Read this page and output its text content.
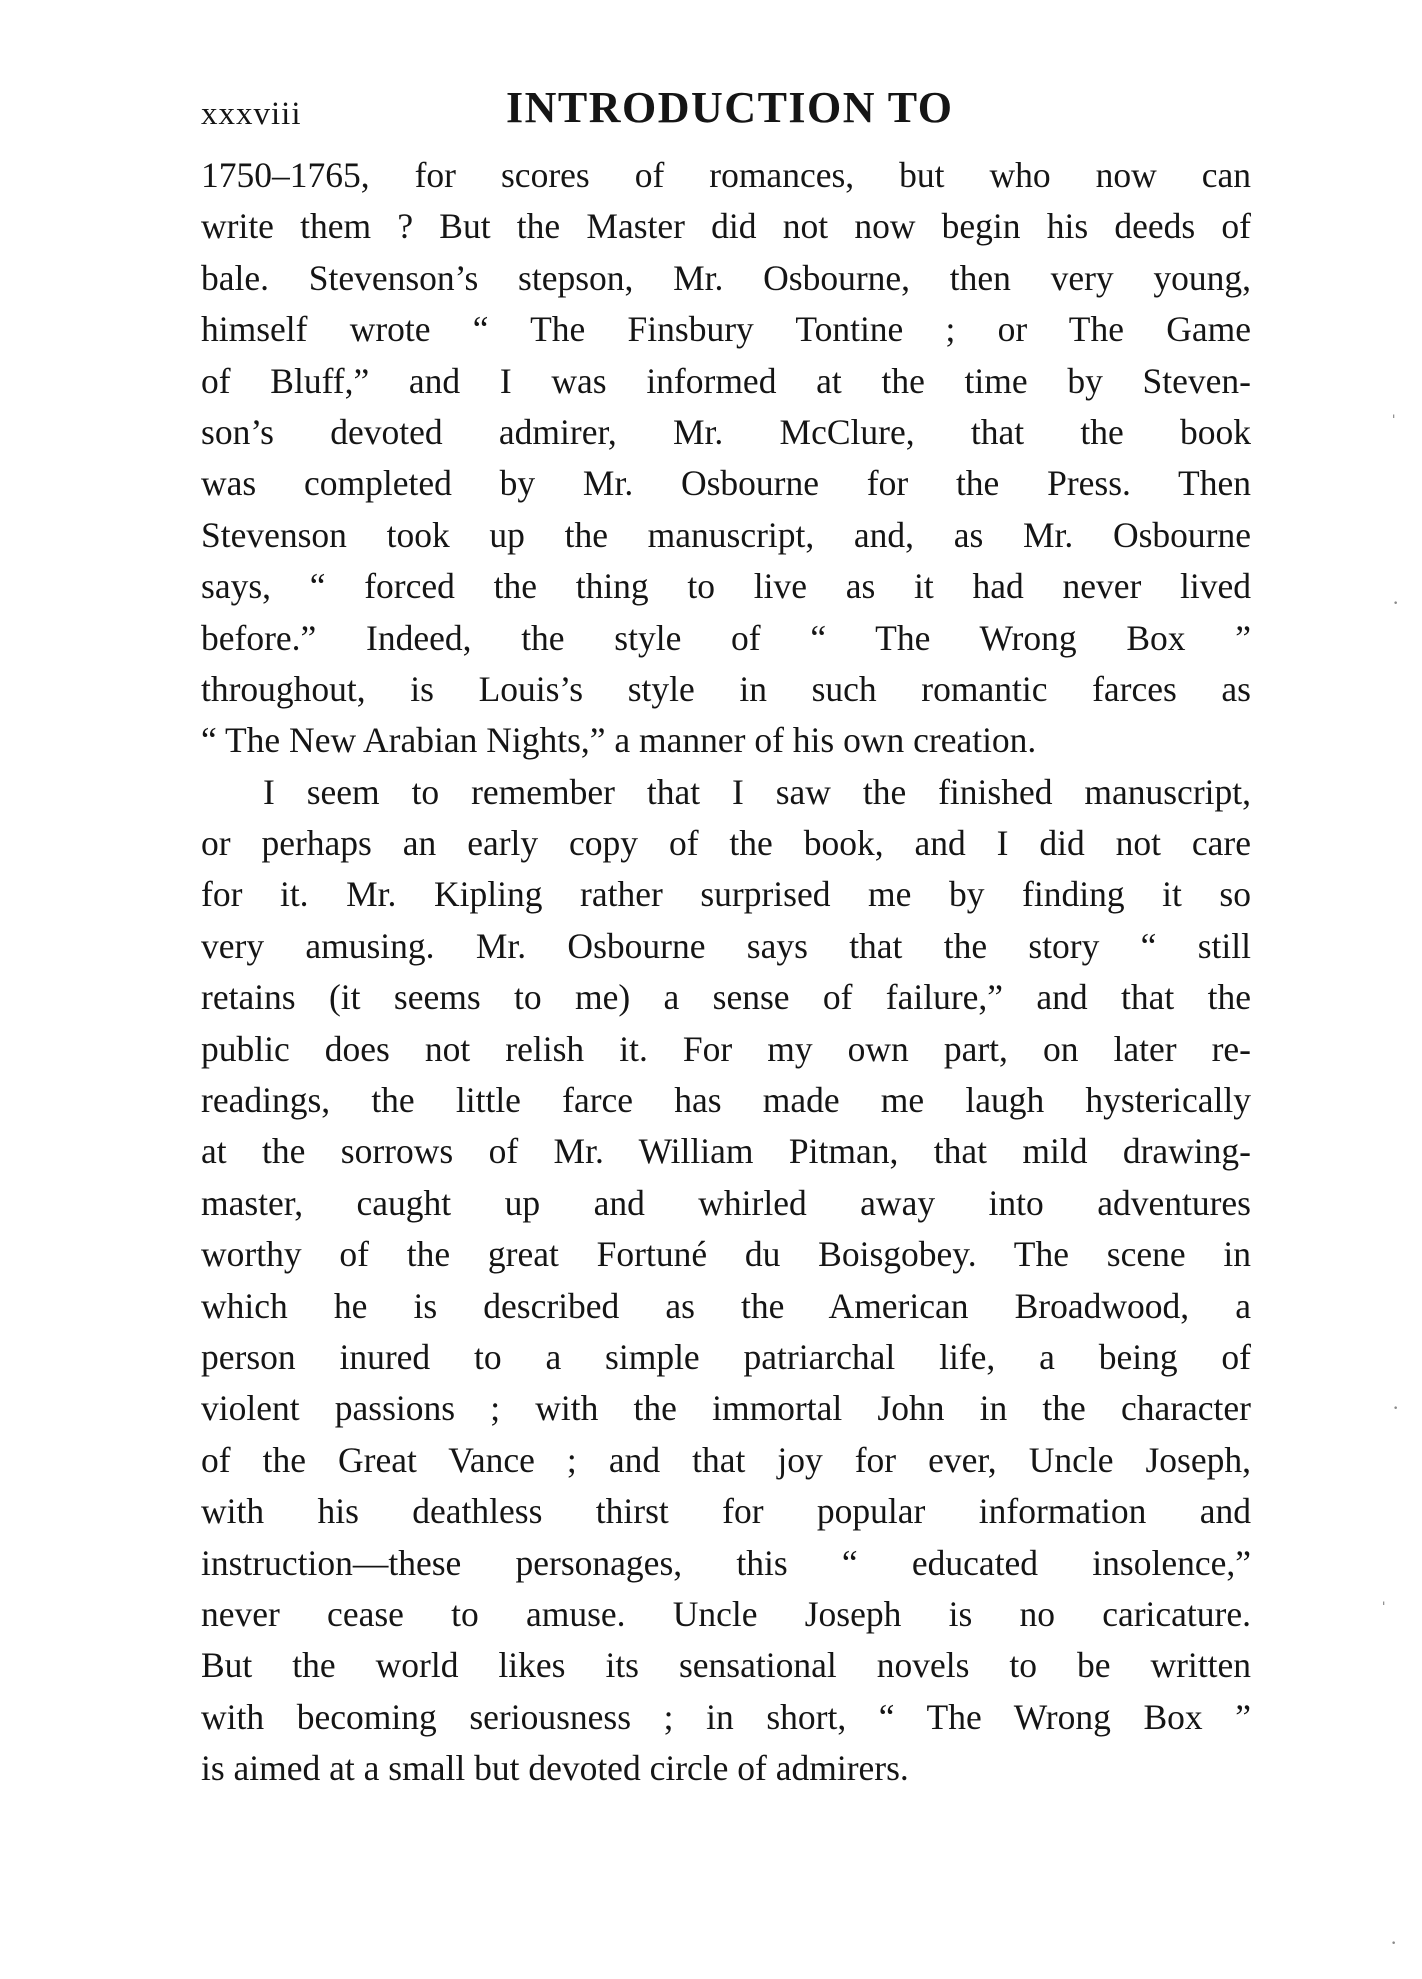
xxxviii	INTRODUCTION TO
1750–1765, for scores of romances, but who now can
write them ? But the Master did not now begin his deeds of
bale. Stevenson’s stepson, Mr. Osbourne, then very young,
himself wrote “ The Finsbury Tontine ; or The Game
of Bluff,” and I was informed at the time by Steven-
son’s devoted admirer, Mr. McClure, that the book
was completed by Mr. Osbourne for the Press. Then
Stevenson took up the manuscript, and, as Mr. Osbourne
says, “ forced the thing to live as it had never lived
before.” Indeed, the style of “ The Wrong Box ”
throughout, is Louis’s style in such romantic farces as
“ The New Arabian Nights,” a manner of his own creation.
I seem to remember that I saw the finished manuscript,
or perhaps an early copy of the book, and I did not care
for it. Mr. Kipling rather surprised me by finding it so
very amusing. Mr. Osbourne says that the story “ still
retains (it seems to me) a sense of failure,” and that the
public does not relish it. For my own part, on later re-
readings, the little farce has made me laugh hysterically
at the sorrows of Mr. William Pitman, that mild drawing-
master, caught up and whirled away into adventures
worthy of the great Fortuné du Boisgobey. The scene in
which he is described as the American Broadwood, a
person inured to a simple patriarchal life, a being of
violent passions ; with the immortal John in the character
of the Great Vance ; and that joy for ever, Uncle Joseph,
with his deathless thirst for popular information and
instruction—these personages, this “ educated insolence,”
never cease to amuse. Uncle Joseph is no caricature.
But the world likes its sensational novels to be written
with becoming seriousness ; in short, “ The Wrong Box ”
is aimed at a small but devoted circle of admirers.
ˈ
·
·
ˌ
·
